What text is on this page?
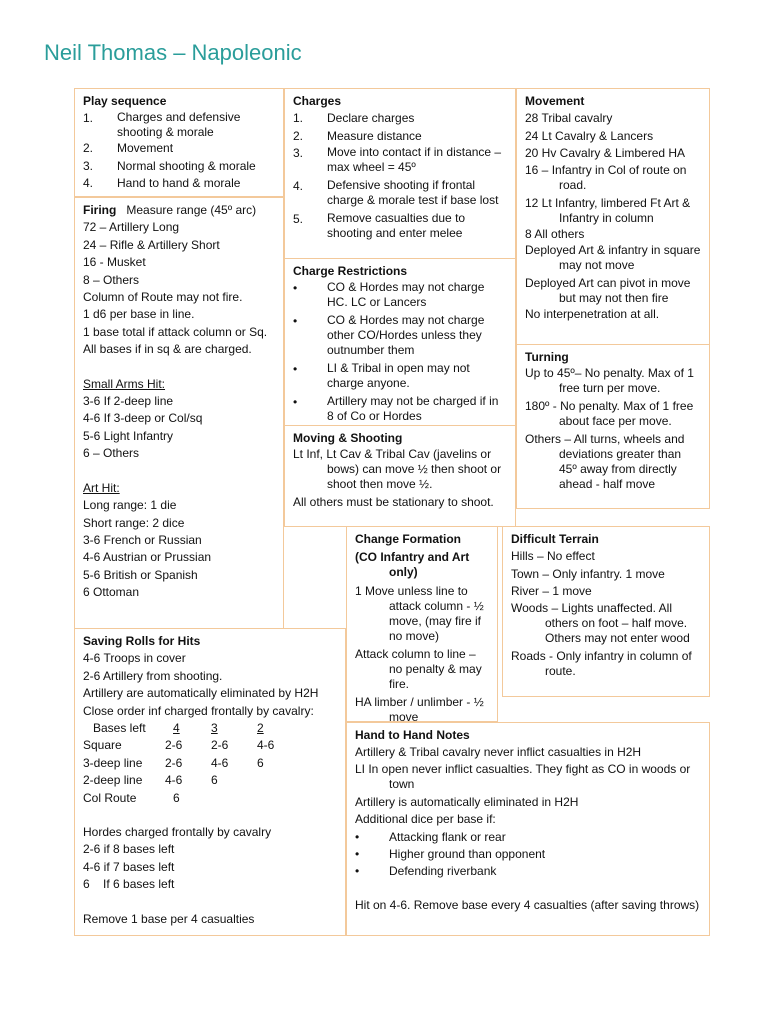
Neil Thomas – Napoleonic
Play sequence
1.	Charges and defensive shooting & morale
2.	Movement
3.	Normal shooting & morale
4.	Hand to hand & morale
Firing Measure range (45º arc)
72 – Artillery Long
24 – Rifle & Artillery Short
16 - Musket
8 – Others
Column of Route may not fire.
1 d6 per base in line.
1 base total if attack column or Sq.
All bases if in sq & are charged.
Small Arms Hit:
3-6 If 2-deep line
4-6 If 3-deep or Col/sq
5-6 Light Infantry
6 – Others
Art Hit:
Long range: 1 die
Short range: 2 dice
3-6 French or Russian
4-6 Austrian or Prussian
5-6 British or Spanish
6 Ottoman
Saving Rolls for Hits
4-6 Troops in cover
2-6 Artillery from shooting.
Artillery are automatically eliminated by H2H
Close order inf charged frontally by cavalry:
Bases left	4	3	2
Square	2-6	2-6	4-6
3-deep line	2-6	4-6	6
2-deep line	4-6	6
Col Route	6
Hordes charged frontally by cavalry
2-6 if 8 bases left
4-6 if 7 bases left
6    If 6 bases left
Remove 1 base per 4 casualties
Charges
1.	Declare charges
2.	Measure distance
3.	Move into contact if in distance – max wheel = 45º
4.	Defensive shooting if frontal charge & morale test if base lost
5.	Remove casualties due to shooting and enter melee
Charge Restrictions
•	CO & Hordes may not charge HC. LC or Lancers
•	CO & Hordes may not charge other CO/Hordes unless they outnumber them
•	LI & Tribal in open may not charge anyone.
•	Artillery may not be charged if in 8 of Co or Hordes
Moving & Shooting
Lt Inf, Lt Cav & Tribal Cav (javelins or bows) can move ½ then shoot or shoot then move ½.
All others must be stationary to shoot.
Movement
28 Tribal cavalry
24 Lt Cavalry & Lancers
20 Hv Cavalry & Limbered HA
16 – Infantry in Col of route on road.
12 Lt Infantry, limbered Ft Art & Infantry in column
8 All others
Deployed Art & infantry in square may not move
Deployed Art can pivot in move but may not then fire
No interpenetration at all.
Turning
Up to 45º– No penalty. Max of 1 free turn per move.
180º - No penalty. Max of 1 free about face per move.
Others – All turns, wheels and deviations greater than 45º away from directly ahead - half move
Change Formation
(CO Infantry and Art only)
1 Move unless line to attack column - ½ move, (may fire if no move)
Attack column to line – no penalty & may fire.
HA limber / unlimber - ½ move
Difficult Terrain
Hills – No effect
Town – Only infantry. 1 move
River – 1 move
Woods – Lights unaffected. All others on foot – half move. Others may not enter wood
Roads - Only infantry in column of route.
Hand to Hand Notes
Artillery & Tribal cavalry never inflict casualties in H2H
LI In open never inflict casualties. They fight as CO in woods or town
Artillery is automatically eliminated in H2H
Additional dice per base if:
•	Attacking flank or rear
•	Higher ground than opponent
•	Defending riverbank
Hit on 4-6. Remove base every 4 casualties (after saving throws)
